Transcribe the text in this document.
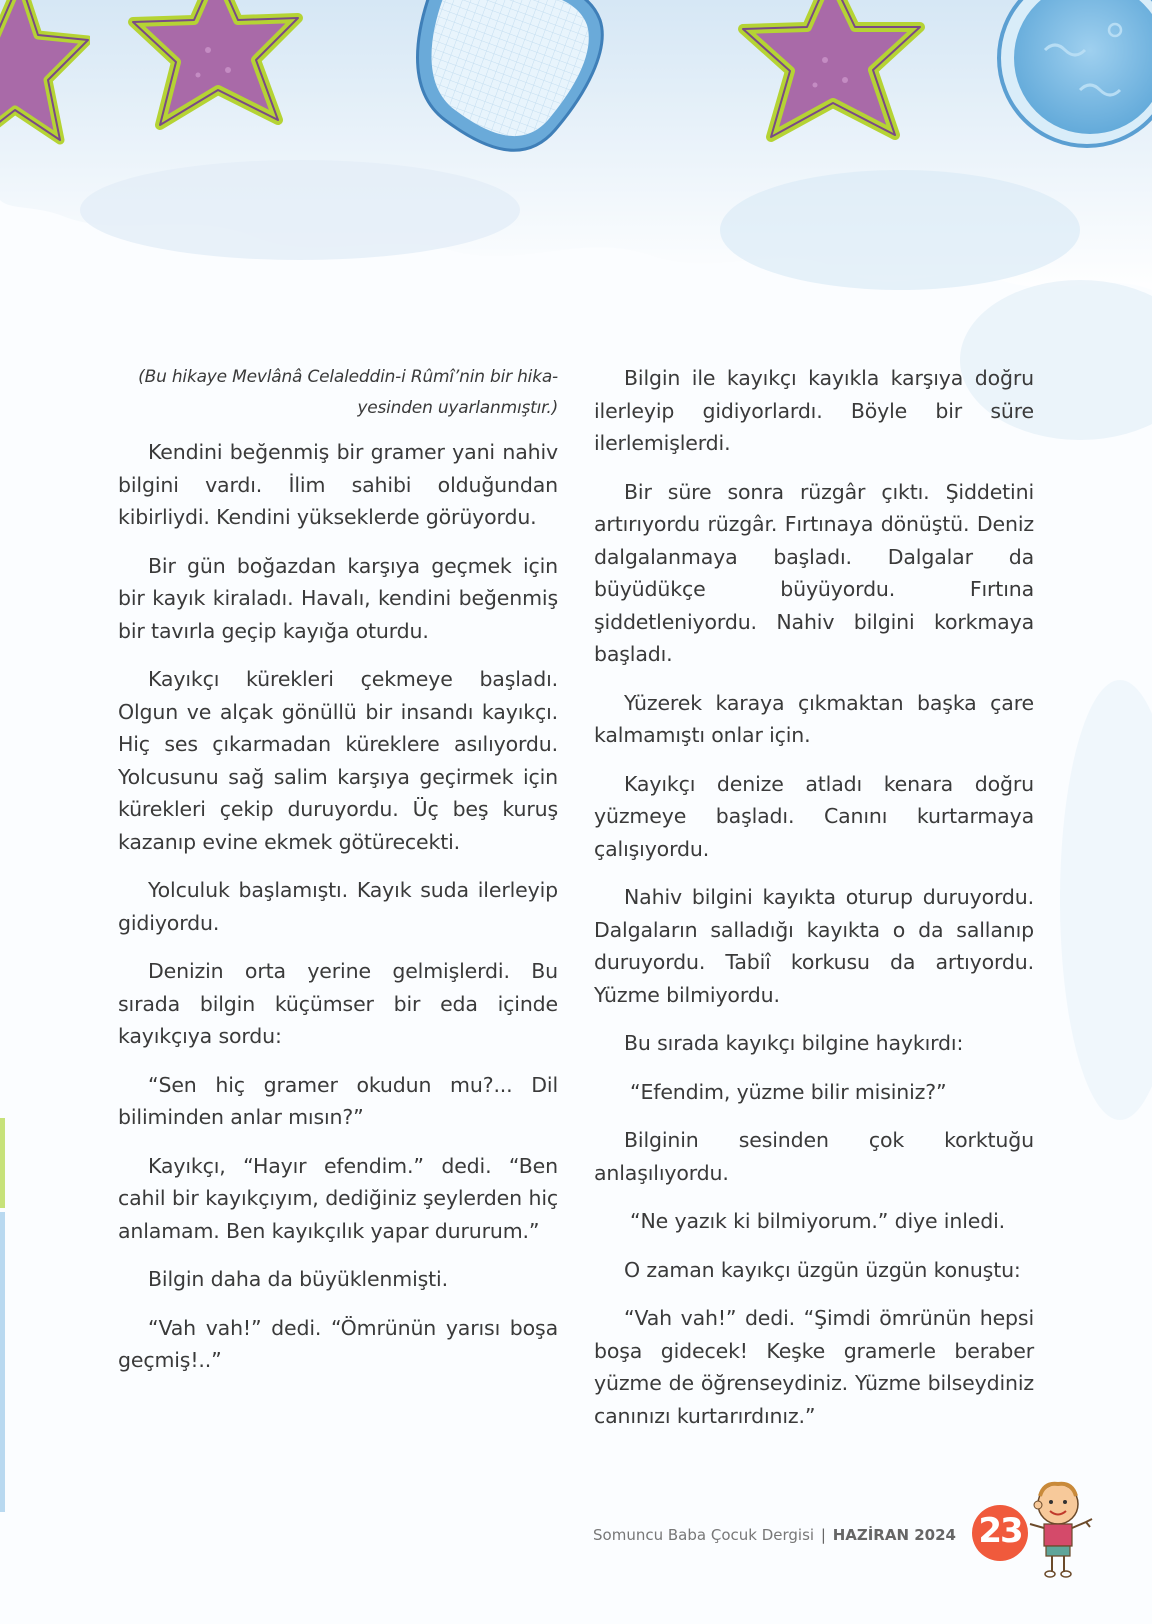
(Bu hikaye Mevlânâ Celaleddin-i Rûmî’nin bir hika-
yesinden uyarlanmıştır.)

Kendini beğenmiş bir gramer yani nahiv bilgini vardı. İlim sahibi olduğundan kibirliydi. Kendini yükseklerde görüyordu.

Bir gün boğazdan karşıya geçmek için bir kayık kiraladı. Havalı, kendini beğenmiş bir tavırla geçip kayığa oturdu.

Kayıkçı kürekleri çekmeye başladı. Olgun ve alçak gönüllü bir insandı kayıkçı. Hiç ses çıkarmadan küreklere asılıyordu. Yolcusunu sağ salim karşıya geçirmek için kürekleri çekip duruyordu. Üç beş kuruş kazanıp evine ekmek götürecekti.

Yolculuk başlamıştı. Kayık suda ilerleyip gidiyordu.

Denizin orta yerine gelmişlerdi. Bu sırada bilgin küçümser bir eda içinde kayıkçıya sordu:

“Sen hiç gramer okudun mu?... Dil biliminden anlar mısın?”

Kayıkçı, “Hayır efendim.” dedi. “Ben cahil bir kayıkçıyım, dediğiniz şeylerden hiç anlamam. Ben kayıkçılık yapar dururum.”

Bilgin daha da büyüklenmişti.

“Vah vah!” dedi. “Ömrünün yarısı boşa geçmiş!..”

Bilgin ile kayıkçı kayıkla karşıya doğru ilerleyip gidiyorlardı. Böyle bir süre ilerlemişlerdi.

Bir süre sonra rüzgâr çıktı. Şiddetini artırıyordu rüzgâr. Fırtınaya dönüştü. Deniz dalgalanmaya başladı. Dalgalar da büyüdükçe büyüyordu. Fırtına şiddetleniyordu. Nahiv bilgini korkmaya başladı.

Yüzerek karaya çıkmaktan başka çare kalmamıştı onlar için.

Kayıkçı denize atladı kenara doğru yüzmeye başladı. Canını kurtarmaya çalışıyordu.

Nahiv bilgini kayıkta oturup duruyordu. Dalgaların salladığı kayıkta o da sallanıp duruyordu. Tabiî korkusu da artıyordu. Yüzme bilmiyordu.

Bu sırada kayıkçı bilgine haykırdı:

“Efendim, yüzme bilir misiniz?”

Bilginin sesinden çok korktuğu anlaşılıyordu.

“Ne yazık ki bilmiyorum.” diye inledi.

O zaman kayıkçı üzgün üzgün konuştu:

“Vah vah!” dedi. “Şimdi ömrünün hepsi boşa gidecek! Keşke gramerle beraber yüzme de öğrenseydiniz. Yüzme bilseydiniz canınızı kurtarırdınız.”

Somuncu Baba Çocuk Dergisi | HAZİRAN 2024 23
